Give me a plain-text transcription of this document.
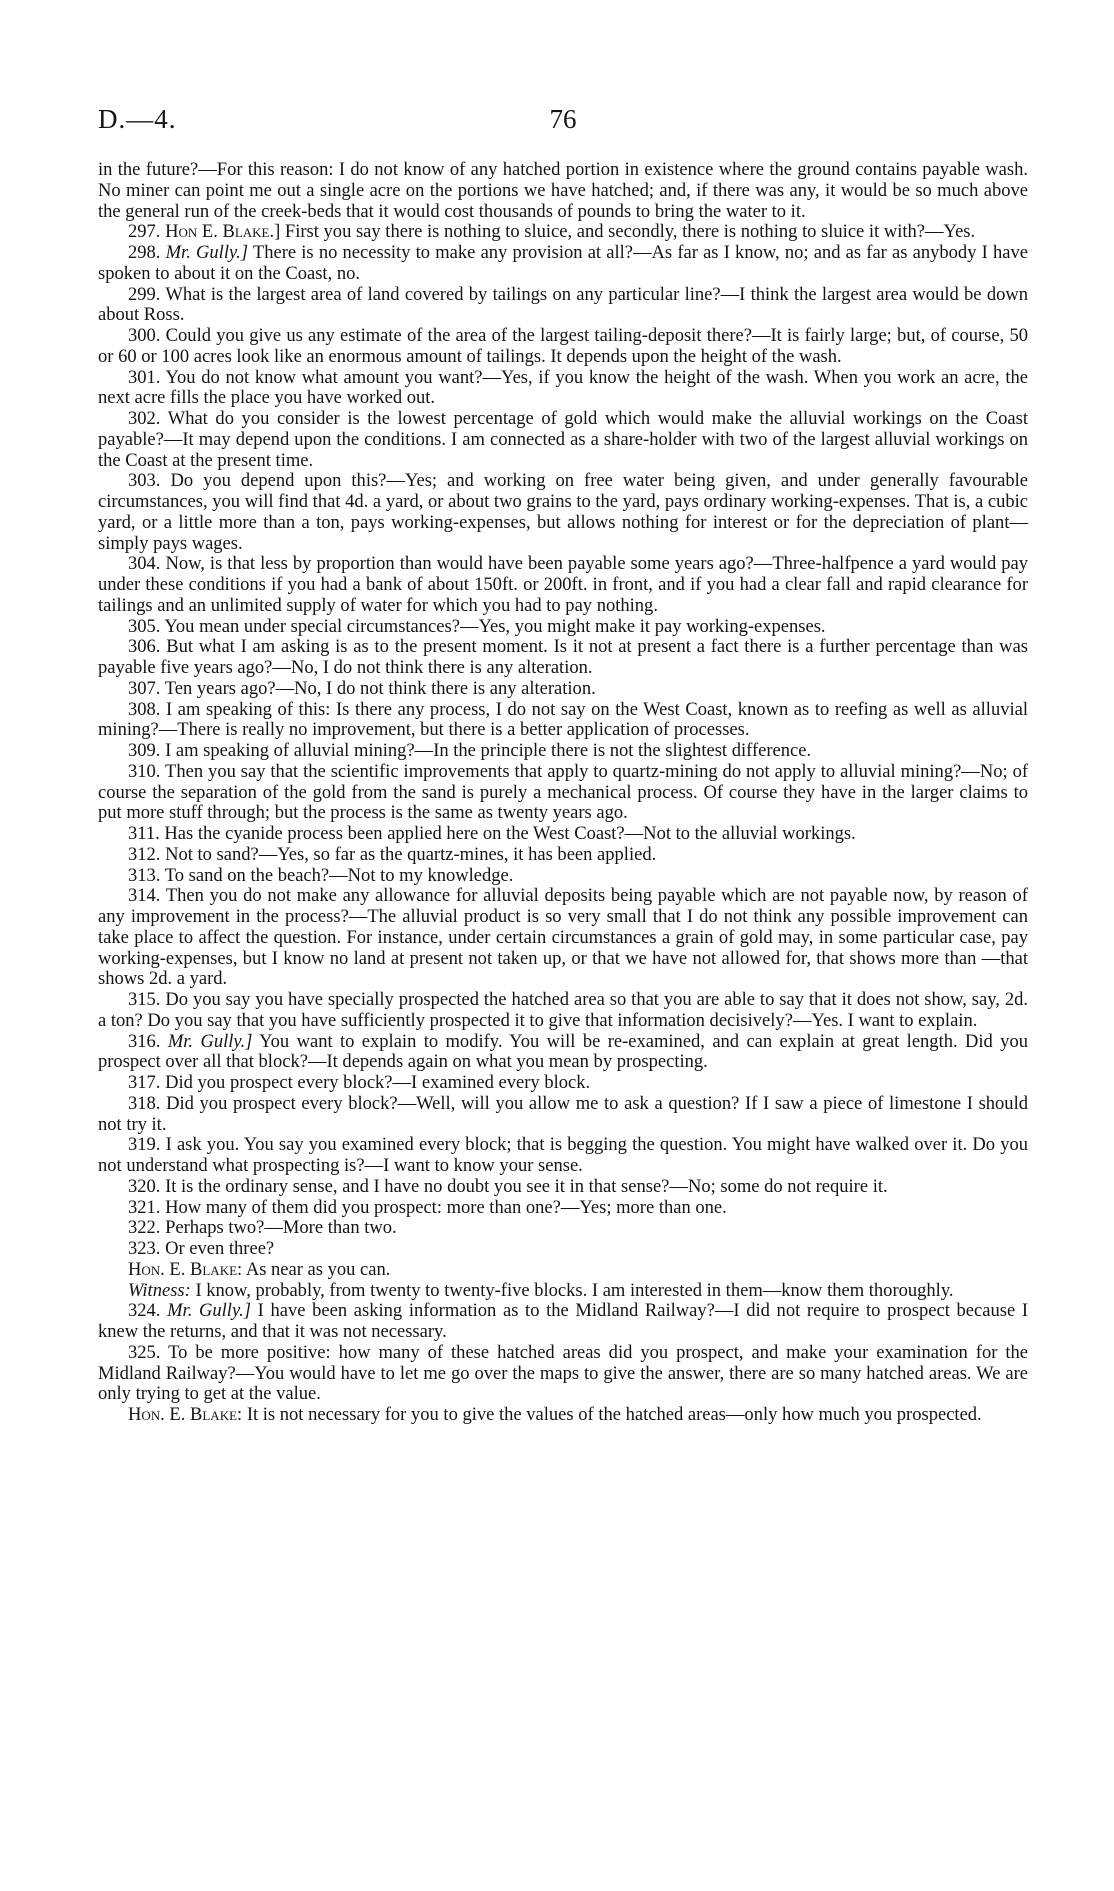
D.—4.	76

in the future?—For this reason: I do not know of any hatched portion in existence where the ground contains payable wash. No miner can point me out a single acre on the portions we have hatched; and, if there was any, it would be so much above the general run of the creek-beds that it would cost thousands of pounds to bring the water to it.

297. Hon E. Blake.] First you say there is nothing to sluice, and secondly, there is nothing to sluice it with?—Yes.

298. Mr. Gully.] There is no necessity to make any provision at all?—As far as I know, no; and as far as anybody I have spoken to about it on the Coast, no.

299. What is the largest area of land covered by tailings on any particular line?—I think the largest area would be down about Ross.

300. Could you give us any estimate of the area of the largest tailing-deposit there?—It is fairly large; but, of course, 50 or 60 or 100 acres look like an enormous amount of tailings. It depends upon the height of the wash.

301. You do not know what amount you want?—Yes, if you know the height of the wash. When you work an acre, the next acre fills the place you have worked out.

302. What do you consider is the lowest percentage of gold which would make the alluvial workings on the Coast payable?—It may depend upon the conditions. I am connected as a share-holder with two of the largest alluvial workings on the Coast at the present time.

303. Do you depend upon this?—Yes; and working on free water being given, and under generally favourable circumstances, you will find that 4d. a yard, or about two grains to the yard, pays ordinary working-expenses. That is, a cubic yard, or a little more than a ton, pays working-expenses, but allows nothing for interest or for the depreciation of plant—simply pays wages.

304. Now, is that less by proportion than would have been payable some years ago?—Three-halfpence a yard would pay under these conditions if you had a bank of about 150ft. or 200ft. in front, and if you had a clear fall and rapid clearance for tailings and an unlimited supply of water for which you had to pay nothing.

305. You mean under special circumstances?—Yes, you might make it pay working-expenses.

306. But what I am asking is as to the present moment. Is it not at present a fact there is a further percentage than was payable five years ago?—No, I do not think there is any alteration.

307. Ten years ago?—No, I do not think there is any alteration.

308. I am speaking of this: Is there any process, I do not say on the West Coast, known as to reefing as well as alluvial mining?—There is really no improvement, but there is a better application of processes.

309. I am speaking of alluvial mining?—In the principle there is not the slightest difference.

310. Then you say that the scientific improvements that apply to quartz-mining do not apply to alluvial mining?—No; of course the separation of the gold from the sand is purely a mechanical process. Of course they have in the larger claims to put more stuff through; but the process is the same as twenty years ago.

311. Has the cyanide process been applied here on the West Coast?—Not to the alluvial workings.

312. Not to sand?—Yes, so far as the quartz-mines, it has been applied.

313. To sand on the beach?—Not to my knowledge.

314. Then you do not make any allowance for alluvial deposits being payable which are not payable now, by reason of any improvement in the process?—The alluvial product is so very small that I do not think any possible improvement can take place to affect the question. For instance, under certain circumstances a grain of gold may, in some particular case, pay working-expenses, but I know no land at present not taken up, or that we have not allowed for, that shows more than —that shows 2d. a yard.

315. Do you say you have specially prospected the hatched area so that you are able to say that it does not show, say, 2d. a ton? Do you say that you have sufficiently prospected it to give that information decisively?—Yes. I want to explain.

316. Mr. Gully.] You want to explain to modify. You will be re-examined, and can explain at great length. Did you prospect over all that block?—It depends again on what you mean by prospecting.

317. Did you prospect every block?—I examined every block.

318. Did you prospect every block?—Well, will you allow me to ask a question? If I saw a piece of limestone I should not try it.

319. I ask you. You say you examined every block; that is begging the question. You might have walked over it. Do you not understand what prospecting is?—I want to know your sense.

320. It is the ordinary sense, and I have no doubt you see it in that sense?—No; some do not require it.

321. How many of them did you prospect: more than one?—Yes; more than one.

322. Perhaps two?—More than two.

323. Or even three?

Hon. E. Blake: As near as you can.

Witness: I know, probably, from twenty to twenty-five blocks. I am interested in them—know them thoroughly.

324. Mr. Gully.] I have been asking information as to the Midland Railway?—I did not require to prospect because I knew the returns, and that it was not necessary.

325. To be more positive: how many of these hatched areas did you prospect, and make your examination for the Midland Railway?—You would have to let me go over the maps to give the answer, there are so many hatched areas. We are only trying to get at the value.

Hon. E. Blake: It is not necessary for you to give the values of the hatched areas—only how much you prospected.
